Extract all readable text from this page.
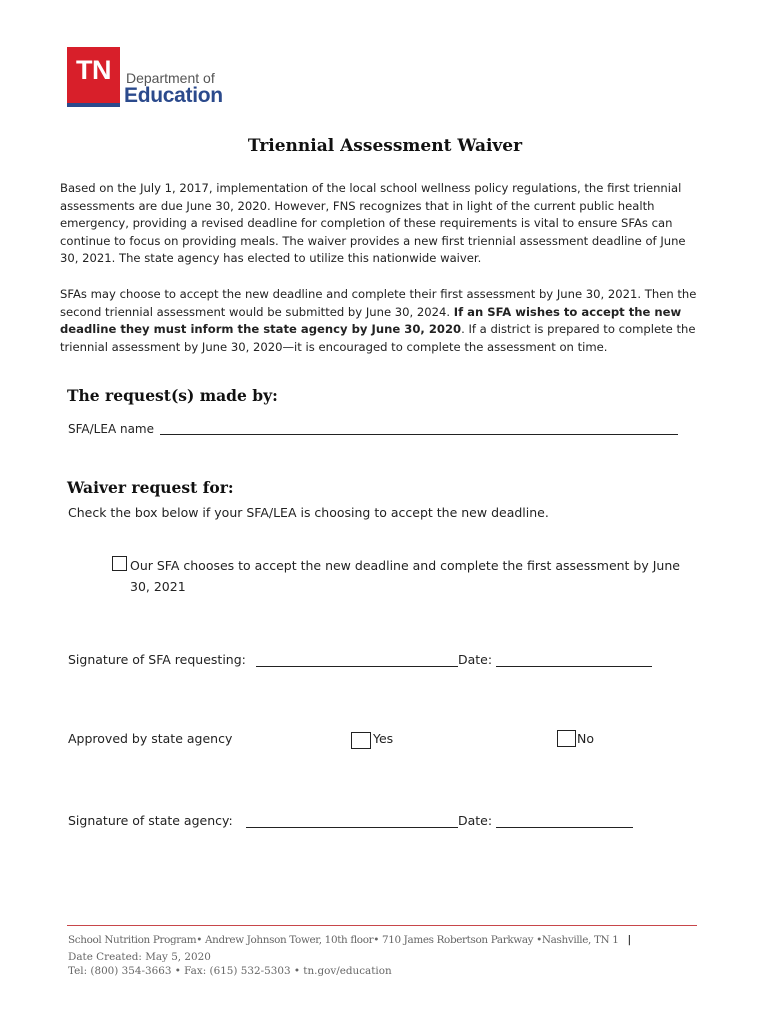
TN Department of
Education
Triennial Assessment Waiver
Based on the July 1, 2017, implementation of the local school wellness policy regulations, the first triennial assessments are due June 30, 2020. However, FNS recognizes that in light of the current public health emergency, providing a revised deadline for completion of these requirements is vital to ensure SFAs can continue to focus on providing meals. The waiver provides a new first triennial assessment deadline of June 30, 2021. The state agency has elected to utilize this nationwide waiver.
SFAs may choose to accept the new deadline and complete their first assessment by June 30, 2021. Then the second triennial assessment would be submitted by June 30, 2024. If an SFA wishes to accept the new deadline they must inform the state agency by June 30, 2020. If a district is prepared to complete the triennial assessment by June 30, 2020—it is encouraged to complete the assessment on time.
The request(s) made by:
SFA/LEA name
Waiver request for:
Check the box below if your SFA/LEA is choosing to accept the new deadline.
Our SFA chooses to accept the new deadline and complete the first assessment by June 30, 2021
Signature of SFA requesting:	Date:
Approved by state agency	Yes	No
Signature of state agency:	Date:
School Nutrition Program• Andrew Johnson Tower, 10th floor• 710 James Robertson Parkway •Nashville, TN 1 |
Date Created: May 5, 2020
Tel: (800) 354-3663 • Fax: (615) 532-5303 • tn.gov/education
